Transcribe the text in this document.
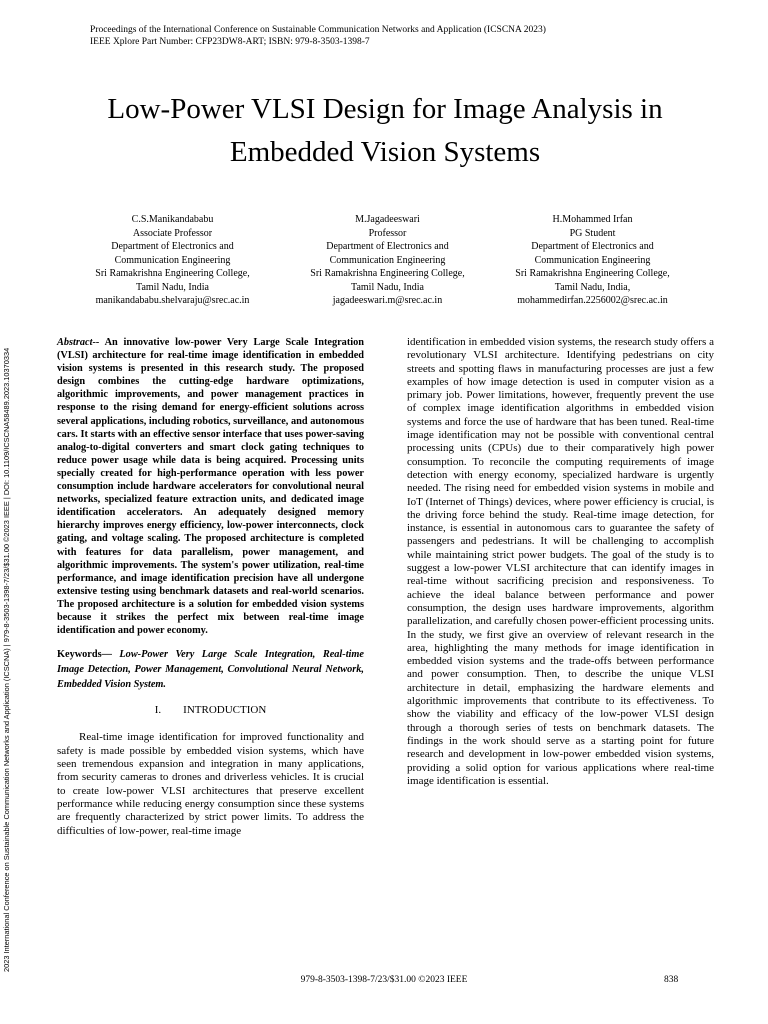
Proceedings of the International Conference on Sustainable Communication Networks and Application (ICSCNA 2023)
IEEE Xplore Part Number: CFP23DW8-ART; ISBN: 979-8-3503-1398-7
2023 International Conference on Sustainable Communication Networks and Application (ICSCNA) | 979-8-3503-1398-7/23/$31.00 ©2023 IEEE | DOI: 10.1109/ICSCNA58489.2023.10370334
Low-Power VLSI Design for Image Analysis in
Embedded Vision Systems
C.S.Manikandababu
Associate Professor
Department of Electronics and
Communication Engineering
Sri Ramakrishna Engineering College,
Tamil Nadu, India
manikandababu.shelvaraju@srec.ac.in
M.Jagadeeswari
Professor
Department of Electronics and
Communication Engineering
Sri Ramakrishna Engineering College,
Tamil Nadu, India
jagadeeswari.m@srec.ac.in
H.Mohammed Irfan
PG Student
Department of Electronics and
Communication Engineering
Sri Ramakrishna Engineering College,
Tamil Nadu, India,
mohammedirfan.2256002@srec.ac.in

Abstract-- An innovative low-power Very Large Scale Integration (VLSI) architecture for real-time image identification in embedded vision systems is presented in this research study. The proposed design combines the cutting-edge hardware optimizations, algorithmic improvements, and power management practices in response to the rising demand for energy-efficient solutions across several applications, including robotics, surveillance, and autonomous cars. It starts with an effective sensor interface that uses power-saving analog-to-digital converters and smart clock gating techniques to reduce power usage while data is being acquired. Processing units specially created for high-performance operation with less power consumption include hardware accelerators for convolutional neural networks, specialized feature extraction units, and dedicated image identification accelerators. An adequately designed memory hierarchy improves energy efficiency, low-power interconnects, clock gating, and voltage scaling. The proposed architecture is completed with features for data parallelism, power management, and algorithmic improvements. The system's power utilization, real-time performance, and image identification precision have all undergone extensive testing using benchmark datasets and real-world scenarios. The proposed architecture is a solution for embedded vision systems because it strikes the perfect mix between real-time image identification and power economy.

Keywords— Low-Power Very Large Scale Integration, Real-time Image Detection, Power Management, Convolutional Neural Network, Embedded Vision System.

I. INTRODUCTION

Real-time image identification for improved functionality and safety is made possible by embedded vision systems, which have seen tremendous expansion and integration in many applications, from security cameras to drones and driverless vehicles. It is crucial to create low-power VLSI architectures that preserve excellent performance while reducing energy consumption since these systems are frequently characterized by strict power limits. To address the difficulties of low-power, real-time image

identification in embedded vision systems, the research study offers a revolutionary VLSI architecture. Identifying pedestrians on city streets and spotting flaws in manufacturing processes are just a few examples of how image detection is used in computer vision as a primary job. Power limitations, however, frequently prevent the use of complex image identification algorithms in embedded vision systems and force the use of hardware that has been tuned. Real-time image identification may not be possible with conventional central processing units (CPUs) due to their comparatively high power consumption. To reconcile the computing requirements of image detection with energy economy, specialized hardware is urgently needed. The rising need for embedded vision systems in mobile and IoT (Internet of Things) devices, where power efficiency is crucial, is the driving force behind the study. Real-time image detection, for instance, is essential in autonomous cars to guarantee the safety of passengers and pedestrians. It will be challenging to accomplish while maintaining strict power budgets. The goal of the study is to suggest a low-power VLSI architecture that can identify images in real-time without sacrificing precision and responsiveness. To achieve the ideal balance between performance and power consumption, the design uses hardware improvements, algorithm parallelization, and carefully chosen power-efficient processing units. In the study, we first give an overview of relevant research in the area, highlighting the many methods for image identification in embedded vision systems and the trade-offs between performance and power consumption. Then, to describe the unique VLSI architecture in detail, emphasizing the hardware elements and algorithmic improvements that contribute to its effectiveness. To show the viability and efficacy of the low-power VLSI design through a thorough series of tests on benchmark datasets. The findings in the work should serve as a starting point for future research and development in low-power embedded vision systems, providing a solid option for various applications where real-time image identification is essential.

979-8-3503-1398-7/23/$31.00 ©2023 IEEE	838
